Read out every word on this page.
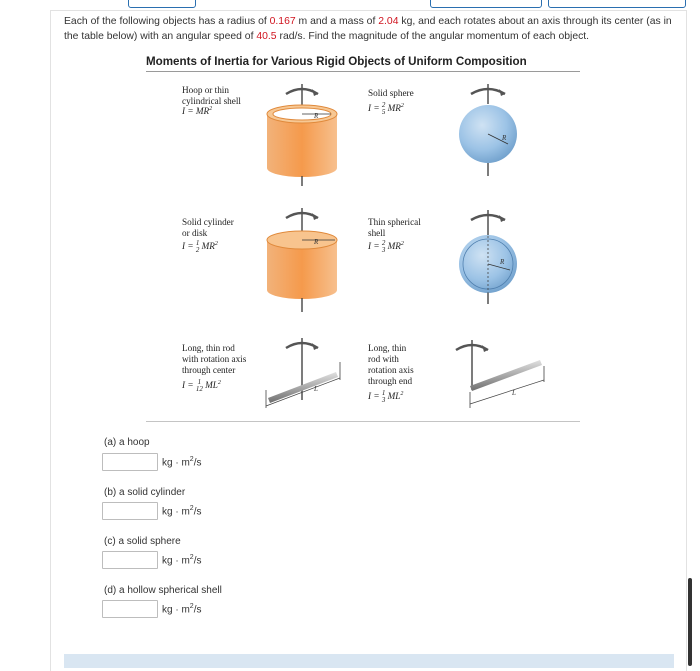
Each of the following objects has a radius of 0.167 m and a mass of 2.04 kg, and each rotates about an axis through its center (as in the table below) with an angular speed of 40.5 rad/s. Find the magnitude of the angular momentum of each object.
Moments of Inertia for Various Rigid Objects of Uniform Composition
Hoop or thin
cylindrical shell
$I = MR^2$
Solid sphere
I = 2
5 $MR^2$
Solid cylinder
or disk
I = 1
2 $MR^2$
Thin spherical
shell
I = 2
3 $MR^2$
Long, thin rod
with rotation axis
through center
I = 1
12 $ML^2$
Long, thin
rod with
rotation axis
through end
I = 1
3 $ML^2$
R
R
R
R
L	L
(a) a hoop
kg · $m^2/s$
(b) a solid cylinder
kg · $m^2/s$
(c) a solid sphere
kg · $m^2/s$
(d) a hollow spherical shell
kg · $m^2/s$
